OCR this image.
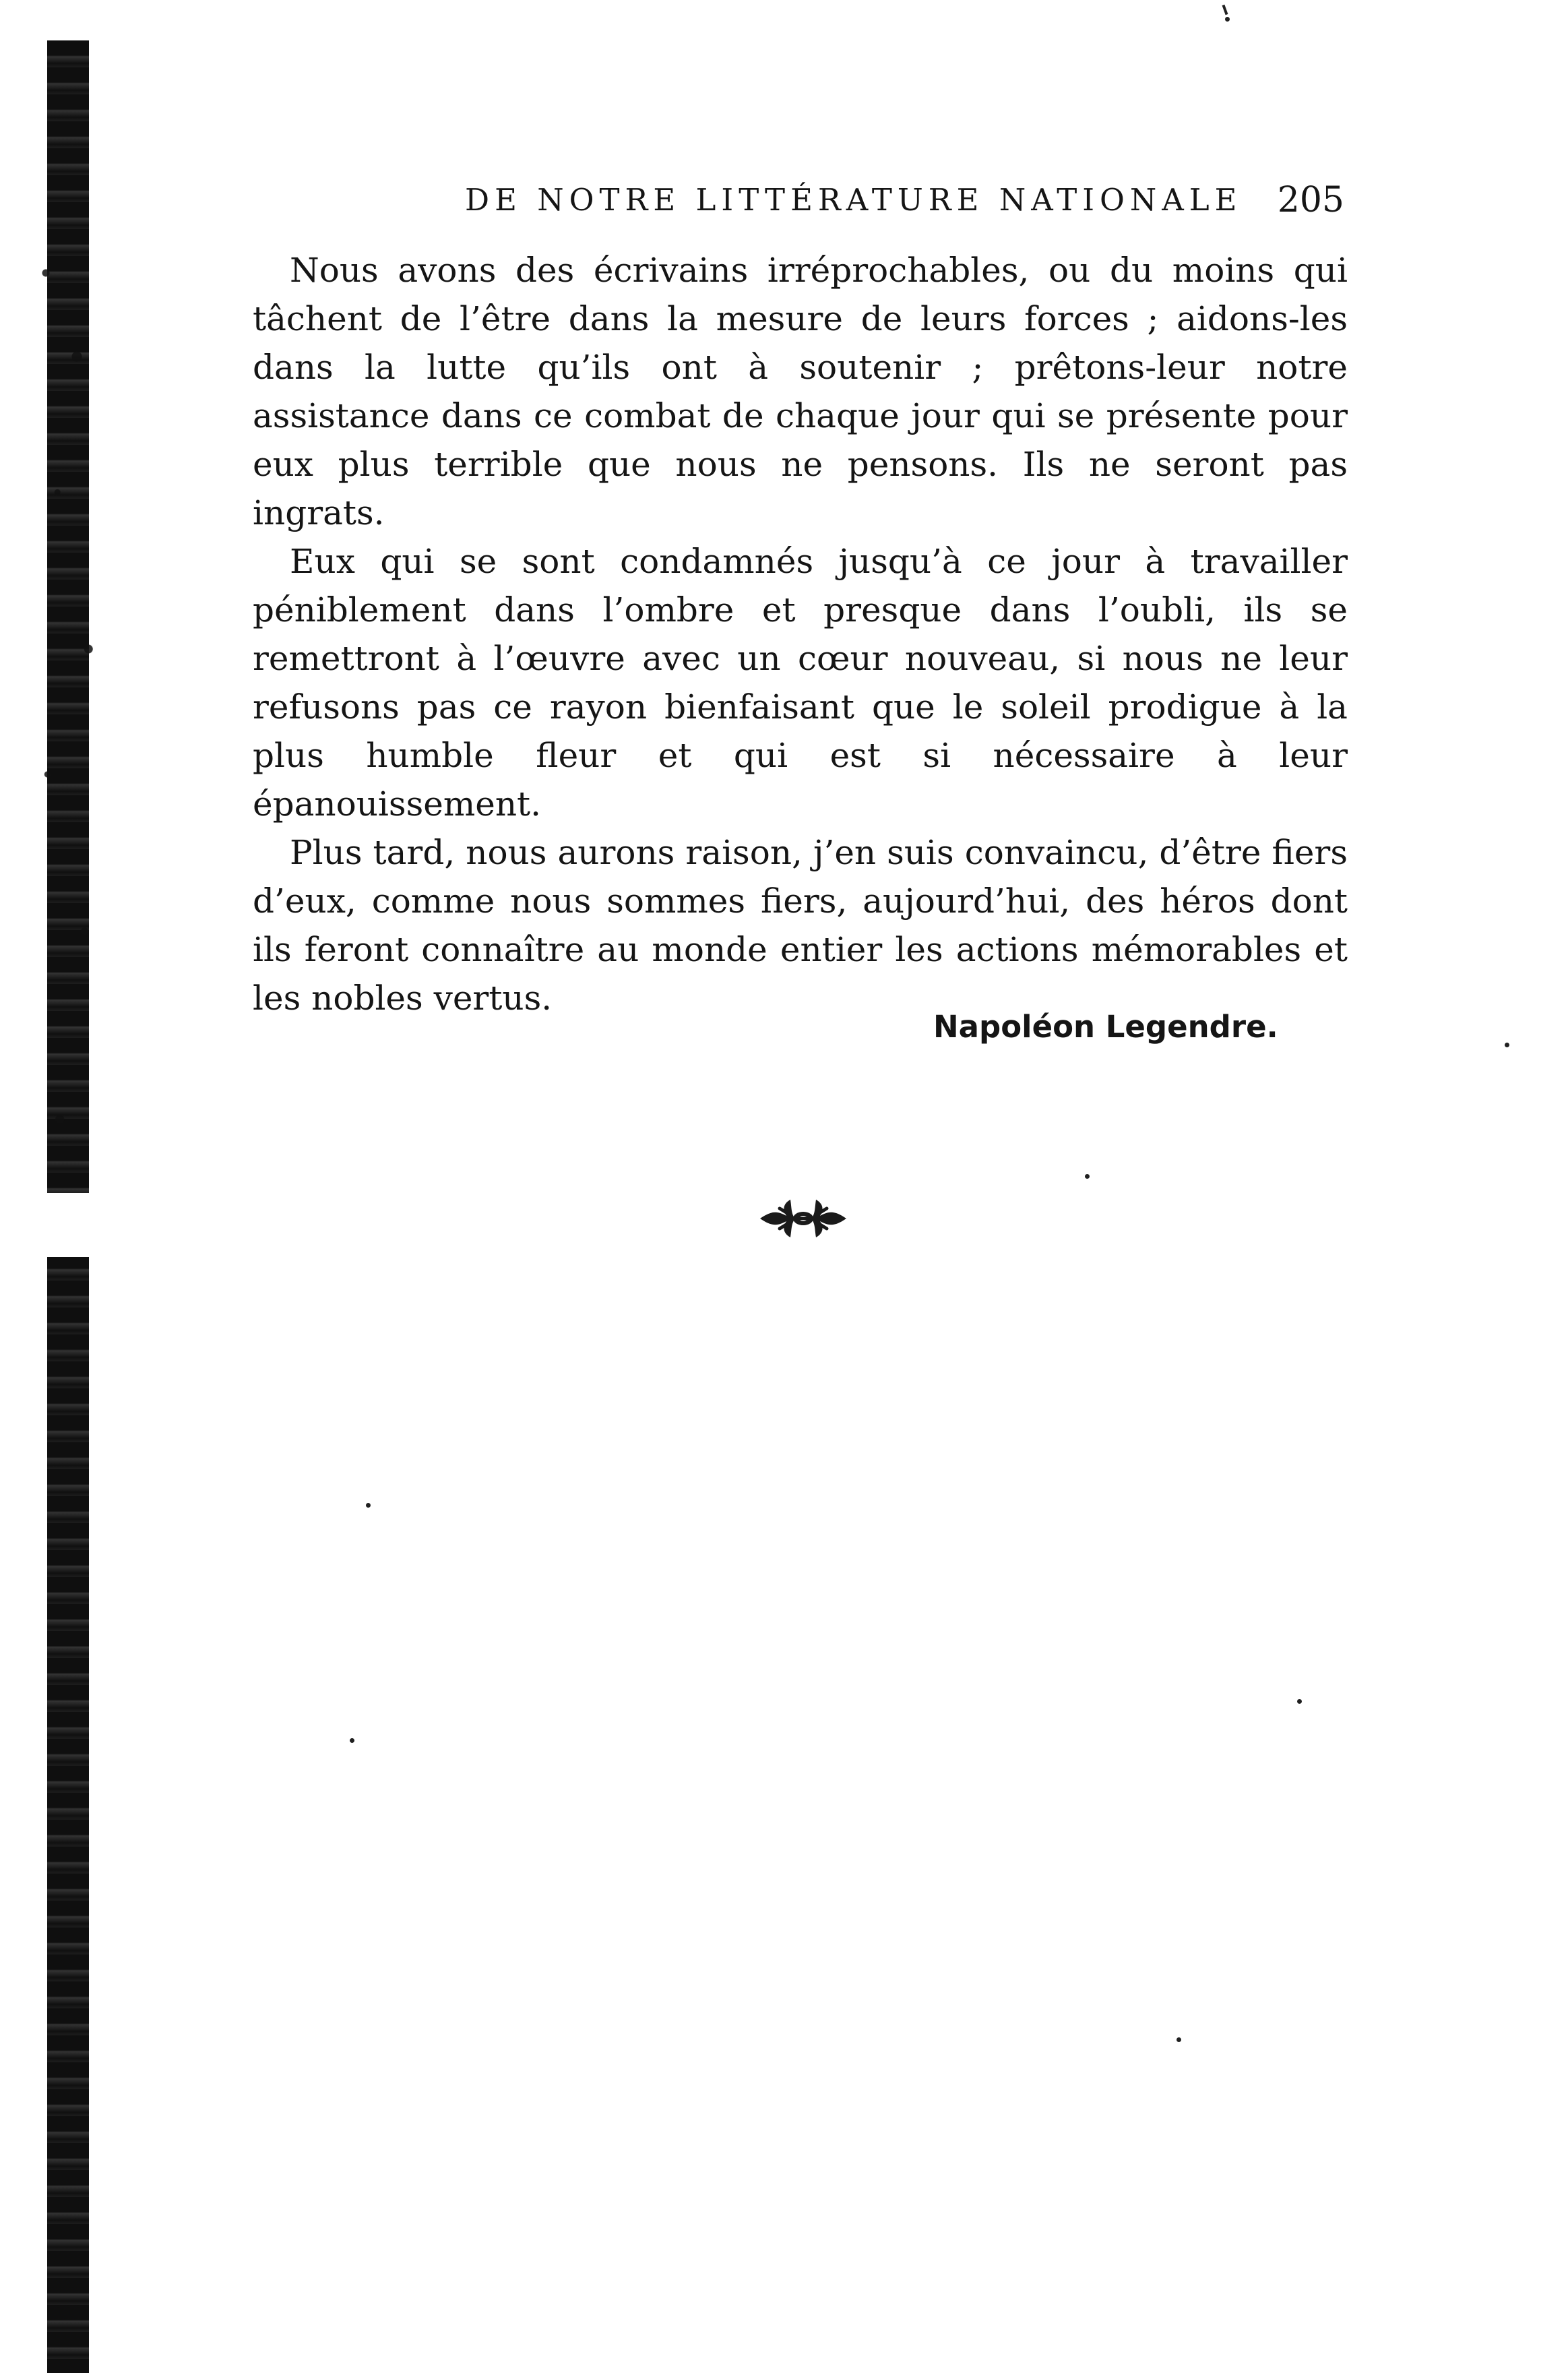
DE NOTRE LITTÉRATURE NATIONALE 205

Nous avons des écrivains irréprochables, ou du moins qui tâchent de l’être dans la mesure de leurs forces ; aidons-les dans la lutte qu’ils ont à soutenir ; prêtons-leur notre assistance dans ce combat de chaque jour qui se présente pour eux plus terrible que nous ne pensons. Ils ne seront pas ingrats.

Eux qui se sont condamnés jusqu’à ce jour à travailler péniblement dans l’ombre et presque dans l’oubli, ils se remettront à l’œuvre avec un cœur nouveau, si nous ne leur refusons pas ce rayon bienfaisant que le soleil prodigue à la plus humble fleur et qui est si nécessaire à leur épanouissement.

Plus tard, nous aurons raison, j’en suis convaincu, d’être fiers d’eux, comme nous sommes fiers, aujourd’hui, des héros dont ils feront connaître au monde entier les actions mémorables et les nobles vertus.

Napoléon Legendre.
